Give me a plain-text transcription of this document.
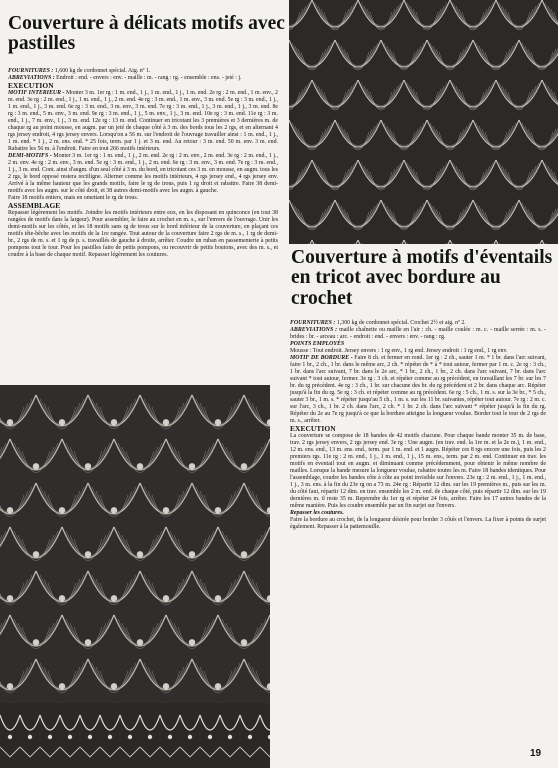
Couverture à délicats motifs avec pastilles

FOURNITURES : 1,600 kg de cordonnet spécial. Aig. nº 1.

ABREVIATIONS : Endroit : end. - envers : env. - maille : m. - rang : rg. - ensemble : ens. - jeté : j.

EXECUTION

MOTIF INTERIEUR - Monter 3 m. 1er rg : 1 m. end., 1 j., 1 m. end., 1 j., 1 m. end. 2e rg : 2 m. end., 1 m. env., 2 m. end. 3e rg : 2 m. end., 1 j., 1 m. end., 1 j., 2 m. end. 4e rg : 3 m. end., 1 m. env., 3 m. end. 5e rg : 3 m. end., 1 j., 1 m. end., 1 j., 3 m. end. 6e rg : 3 m. end., 3 m. env., 3 m. end. 7e rg : 3 m. end., 1 j., 3 m. end., 1 j., 3 m. end. 8e rg : 3 m. end., 5 m. env., 3 m. end. 9e rg : 3 m. end., 1 j., 5 m. env., 1 j., 3 m. end. 10e rg : 3 m. end. 11e rg : 3 m. end., 1 j., 7 m. env., 1 j., 3 m. end. 12e rg : 13 m. end. Continuer en tricotant les 3 premières et 3 dernières m. de chaque rg au point mousse, en augm. par un jeté de chaque côté à 3 m. des bords tous les 2 rgs, et en alternant 4 rgs jersey endroit, 4 rgs jersey envers. Lorsqu'on a 56 m. sur l'endroit de l'ouvrage travailler ainsi : 1 m. end., 1 j., 1 m. end. * 1 j., 2 m. ens. end. * 25 fois, term. par 1 j. et 3 m. end. Au retour : 3 m. end. 50 m. env. 3 m. end. Rabattre les 56 m. à l'endroit. Faire en tout 266 motifs intérieurs.

DEMI-MOTIFS - Monter 3 m. 1er rg : 1 m. end., 1 j., 2 m. end. 2e rg : 2 m. env., 2 m. end. 3e rg : 2 m. end., 1 j., 2 m. env. 4e rg : 2 m. env., 3 m. end. 5e rg : 3 m. end., 1 j., 2 m. end. 6e rg : 3 m. env., 3 m. end. 7e rg : 3 m. end., 1 j., 3 m. end. Cont. ainsi d'augm. d'un seul côté à 3 m. du bord, en tricotant ces 3 m. en mousse, en augm. tous les 2 rgs, le bord opposé restera rectiligne. Alterner comme les motifs intérieurs, 4 rgs jersey end., 4 rgs jersey env. Arrivé à la même hauteur que les grands motifs, faire le rg de trous, puis 1 rg droit et rabattre. Faire 38 demi-motifs avec les augm. sur le côté droit, et 38 autres demi-motifs avec les augm. à gauche.

Faire 18 motifs entiers, mais en omettant le rg de trous.

ASSEMBLAGE

Repasser légèrement les motifs. Joindre les motifs intérieurs entre eux, en les disposant en quinconce (en tout 38 rangées de motifs dans la largeur). Pour assembler, le faire au crochet en m. s., sur l'envers de l'ouvrage. Unir les demi-motifs sur les côtés, et les 18 motifs sans rg de trous sur le bord inférieur de la couverture, en plaçant ces motifs tête-bêche avec les motifs de la 1re rangée. Tout autour de la couverture faire 2 rgs de m. s., 1 rg de demi-br., 2 rgs de m. s. et 1 rg de p. s. travaillés de gauche à droite, arrêter. Coudre un ruban en passementerie à petits pompons tout le tour. Pour les pastilles faire de petits pompons, ou recouvrir de petits boutons, avec des m. s., et coudre à la base de chaque motif. Repasser légèrement les coutures.	Couverture à motifs d'éventails en tricot avec bordure au crochet

FOURNITURES : 1,300 kg de cordonnet spécial. Crochet 2½ et aig. nº 2.

ABREVIATIONS : maille chaînette ou maille en l'air : ch. - maille coulée : m. c. - maille serrée : m. s. - brides : br. - arceau : arc. - endroit : end. - envers : env. - rang : rg.

POINTS EMPLOYÉS

Mousse : Tout endroit. Jersey envers : 1 rg env., 1 rg end. Jersey endroit : 1 rg end., 1 rg env.

MOTIF DE BORDURE - Faire 8 ch. et fermer en rond. 1er rg : 2 ch., sauter 1 m. * 1 br. dans l'arc suivant, faire 1 br., 2 ch., 1 br. dans le même arc, 2 ch. * répéter de * à * tout autour, fermer par 1 m. c. 2e rg : 3 ch., 1 br. dans l'arc suivant, 7 br. dans le 2e arc, * 1 br., 2 ch., 1 br., 2 ch. dans l'arc suivant, 7 br. dans l'arc suivant * tout autour, fermer. 3e rg : 3 ch. et répéter comme au rg précédent, en travaillant les 7 br. sur les 7 br. du rg précédent. 4e rg : 3 ch., 1 br. sur chacune des br. du rg précédent et 2 br. dans chaque arc. Répéter jusqu'à la fin du rg. 5e rg : 3 ch. et répéter comme au rg précédent. 6e rg : 5 ch., 1 m. s. sur la 3e br., * 5 ch., sauter 3 br., 1 m. s. * répéter jusqu'au 5 ch., 1 m. s. sur les 11 br. suivantes, répéter tout autour. 7e rg : 2 m. c. sur l'arc, 3 ch., 1 br. 2 ch. dans l'arc, 2 ch. * 1 br. 2 ch. dans l'arc suivant * répéter jusqu'à la fin du rg. Répéter du 2e au 7e rg jusqu'à ce que la bordure atteigne la longueur voulue. Border tout le tour de 2 rgs de m. s., arrêter.

EXECUTION

La couverture se compose de 18 bandes de 42 motifs chacune. Pour chaque bande monter 35 m. de base, trav. 2 rgs jersey envers, 2 rgs jersey end. 3e rg : Une augm. (en trav. end. la 1re m. et la 2e m.), 1 m. end., 12 m. ens. end., 13 m. ens. end., term. par 1 m. end. et 1 augm. Répéter ces 8 rgs encore une fois, puis les 2 premiers rgs. 11e rg : 2 m. end., 1 j., 1 m. end., 1 j., 15 m. ens., term. par 2 m. end. Continuer en trav. les motifs en éventail tout en augm. et diminuant comme précédemment, pour obtenir le même nombre de mailles. Lorsque la bande mesure la longueur voulue, rabattre toutes les m. Faire 18 bandes identiques. Pour l'assemblage, coudre les bandes côte à côte au point invisible sur l'envers. 23e rg : 2 m. end., 1 j., 1 m. end., 1 j., 3 m. ens. à la fin du 23e rg on a 73 m. 24e rg : Répartir 12 dim. sur les 19 premières m., puis sur les m. du côté faut, répartir 12 dim. en trav. ensemble les 2 m. end. de chaque côté, puis répartir 12 dim. sur les 19 dernières m. il reste 35 m. Reprendre du 1er rg et répéter 24 fois, arrêter. Faire les 17 autres bandes de la même manière. Puis les coudre ensemble par un fin surjet sur l'envers.

Repasser les coutures.

Faire la bordure au crochet, de la longueur désirée pour border 3 côtés et l'envers. La fixer à points de surjet également. Repasser à la pattemouille.

19
